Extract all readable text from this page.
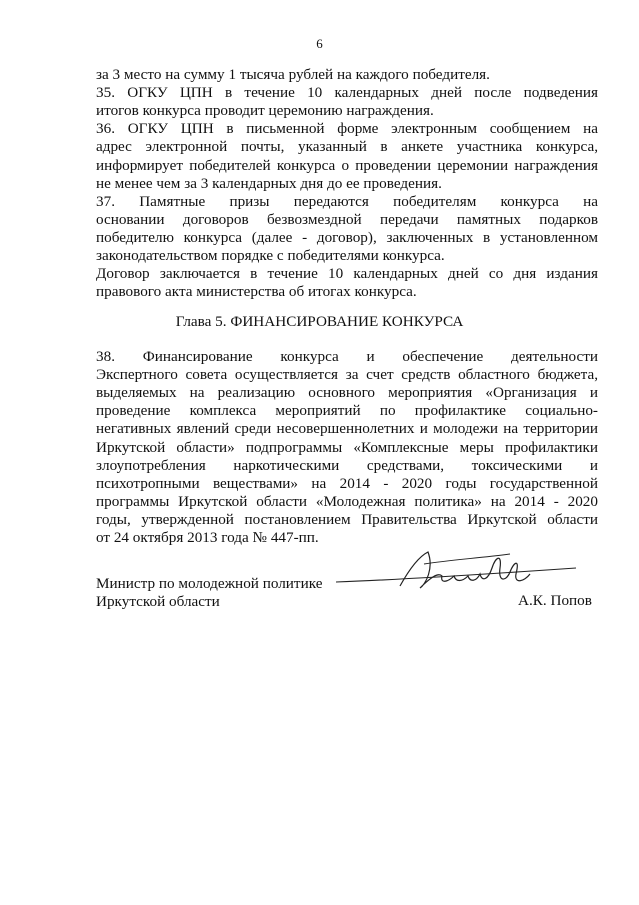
6
за 3 место на сумму 1 тысяча рублей на каждого победителя.
35. ОГКУ ЦПН в течение 10 календарных дней после подведения
итогов конкурса проводит церемонию награждения.
36. ОГКУ ЦПН в письменной форме электронным сообщением на
адрес электронной почты, указанный в анкете участника конкурса,
информирует победителей конкурса о проведении церемонии награждения
не менее чем за 3 календарных дня до ее проведения.
37. Памятные призы передаются победителям конкурса на
основании договоров безвозмездной передачи памятных подарков
победителю конкурса (далее - договор), заключенных в установленном
законодательством порядке с победителями конкурса.
Договор заключается в течение 10 календарных дней со дня издания
правового акта министерства об итогах конкурса.
Глава 5. ФИНАНСИРОВАНИЕ КОНКУРСА
38. Финансирование конкурса и обеспечение деятельности
Экспертного совета осуществляется за счет средств областного бюджета,
выделяемых на реализацию основного мероприятия «Организация и
проведение комплекса мероприятий по профилактике социально-
негативных явлений среди несовершеннолетних и молодежи на территории
Иркутской области» подпрограммы «Комплексные меры профилактики
злоупотребления наркотическими средствами, токсическими и
психотропными веществами» на 2014 - 2020 годы государственной
программы Иркутской области «Молодежная политика» на 2014 - 2020
годы, утвержденной постановлением Правительства Иркутской области
от 24 октября 2013 года № 447-пп.
Министр по молодежной политике
Иркутской области	А.К. Попов
